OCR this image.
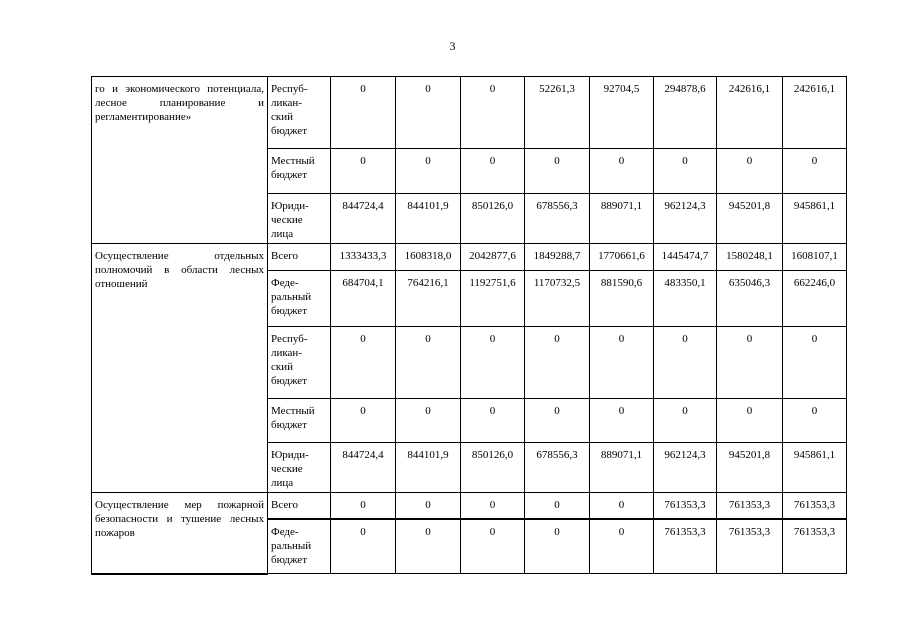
3
го и экономического потенциала, лесное планирование и регламентирование»	Респуб-
ликан-
ский
бюджет	0	0	0	52261,3	92704,5	294878,6	242616,1	242616,1
	Местный
бюджет	0	0	0	0	0	0	0	0
	Юриди-
ческие
лица	844724,4	844101,9	850126,0	678556,3	889071,1	962124,3	945201,8	945861,1
Осуществление отдельных полномочий в области лесных отношений	Всего	1333433,3	1608318,0	2042877,6	1849288,7	1770661,6	1445474,7	1580248,1	1608107,1
	Феде-
ральный
бюджет	684704,1	764216,1	1192751,6	1170732,5	881590,6	483350,1	635046,3	662246,0
	Респуб-
ликан-
ский
бюджет	0	0	0	0	0	0	0	0
	Местный
бюджет	0	0	0	0	0	0	0	0
	Юриди-
ческие
лица	844724,4	844101,9	850126,0	678556,3	889071,1	962124,3	945201,8	945861,1
Осуществление мер пожарной безопасности и тушение лесных пожаров	Всего	0	0	0	0	0	761353,3	761353,3	761353,3
	Феде-
ральный
бюджет	0	0	0	0	0	761353,3	761353,3	761353,3
